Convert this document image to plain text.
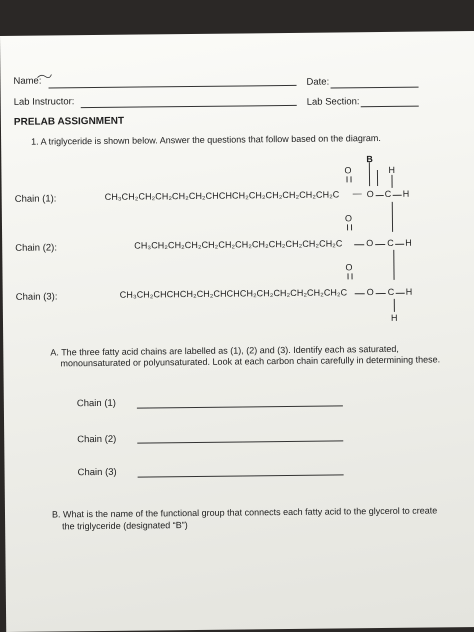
Name:	Date:
Lab Instructor:	Lab Section:
PRELAB ASSIGNMENT
1. A triglyceride is shown below. Answer the questions that follow based on the diagram.
B
O
Chain (1):	CH₃CH₂CH₂CH₂CH₂CH₂CHCHCH₂CH₂CH₂CH₂CH₂CH₂C — O C H
H
O
Chain (2):	CH₃CH₂CH₂CH₂CH₂CH₂CH₂CH₂CH₂CH₂CH₂CH₂C	O C H
O
Chain (3):	CH₃CH₂CHCHCH₂CH₂CHCHCH₂CH₂CH₂CH₂CH₂CH₂C O C H
H
A. The three fatty acid chains are labelled as (1), (2) and (3). Identify each as saturated,
monounsaturated or polyunsaturated. Look at each carbon chain carefully in determining these.
Chain (1)
Chain (2)
Chain (3)
B. What is the name of the functional group that connects each fatty acid to the glycerol to create
the triglyceride (designated “B”)
